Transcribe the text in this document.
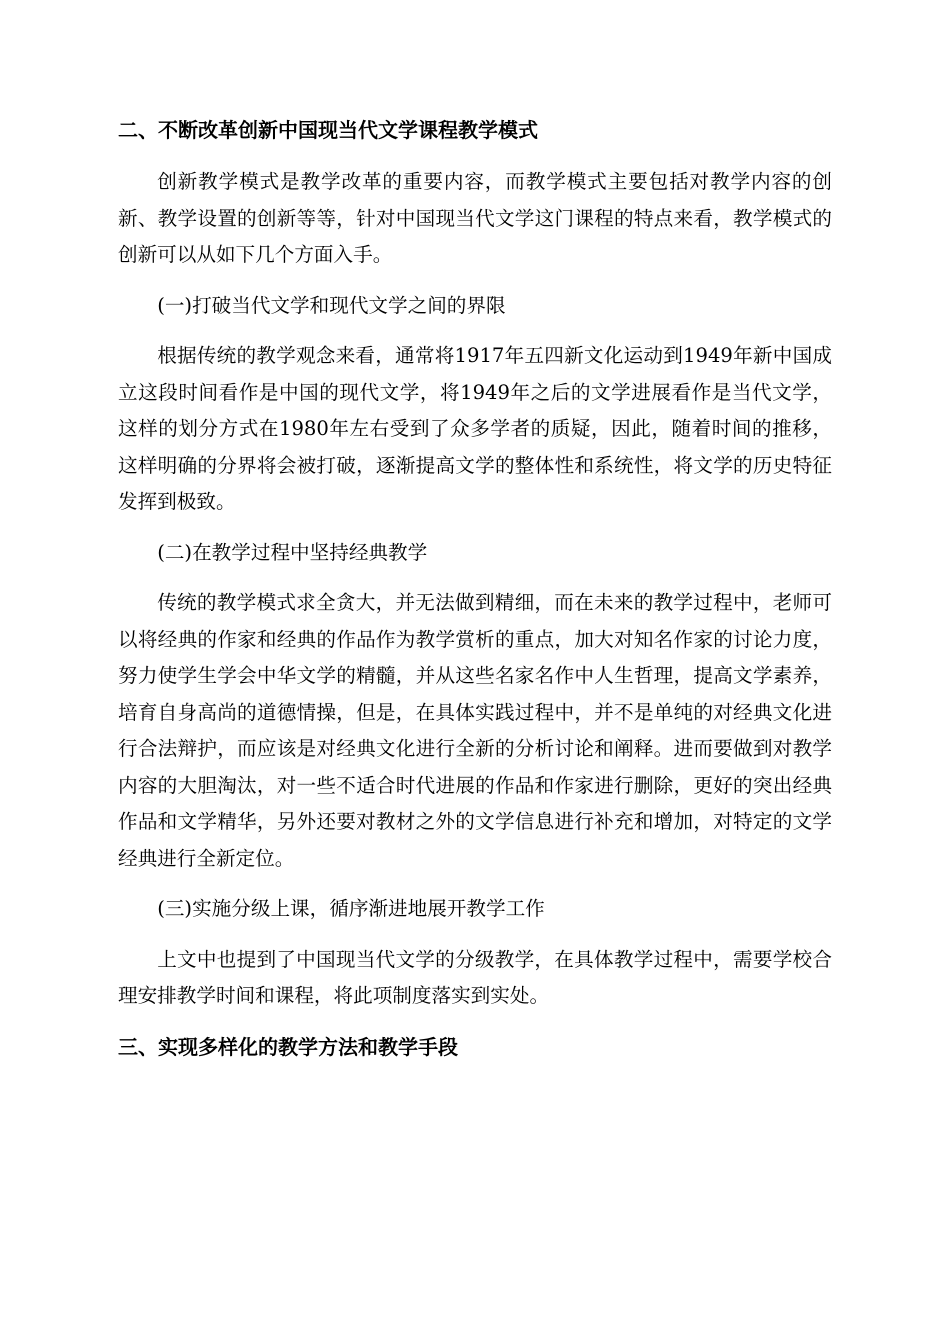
二、不断改革创新中国现当代文学课程教学模式

创新教学模式是教学改革的重要内容，而教学模式主要包括对教学内容的创新、教学设置的创新等等，针对中国现当代文学这门课程的特点来看，教学模式的创新可以从如下几个方面入手。

(一)打破当代文学和现代文学之间的界限

根据传统的教学观念来看，通常将1917年五四新文化运动到1949年新中国成立这段时间看作是中国的现代文学，将1949年之后的文学进展看作是当代文学，这样的划分方式在1980年左右受到了众多学者的质疑，因此，随着时间的推移，这样明确的分界将会被打破，逐渐提高文学的整体性和系统性，将文学的历史特征发挥到极致。

(二)在教学过程中坚持经典教学

传统的教学模式求全贪大，并无法做到精细，而在未来的教学过程中，老师可以将经典的作家和经典的作品作为教学赏析的重点，加大对知名作家的讨论力度，努力使学生学会中华文学的精髓，并从这些名家名作中人生哲理，提高文学素养，培育自身高尚的道德情操，但是，在具体实践过程中，并不是单纯的对经典文化进行合法辩护，而应该是对经典文化进行全新的分析讨论和阐释。进而要做到对教学内容的大胆淘汰，对一些不适合时代进展的作品和作家进行删除，更好的突出经典作品和文学精华，另外还要对教材之外的文学信息进行补充和增加，对特定的文学经典进行全新定位。

(三)实施分级上课，循序渐进地展开教学工作

上文中也提到了中国现当代文学的分级教学，在具体教学过程中，需要学校合理安排教学时间和课程，将此项制度落实到实处。

三、实现多样化的教学方法和教学手段
